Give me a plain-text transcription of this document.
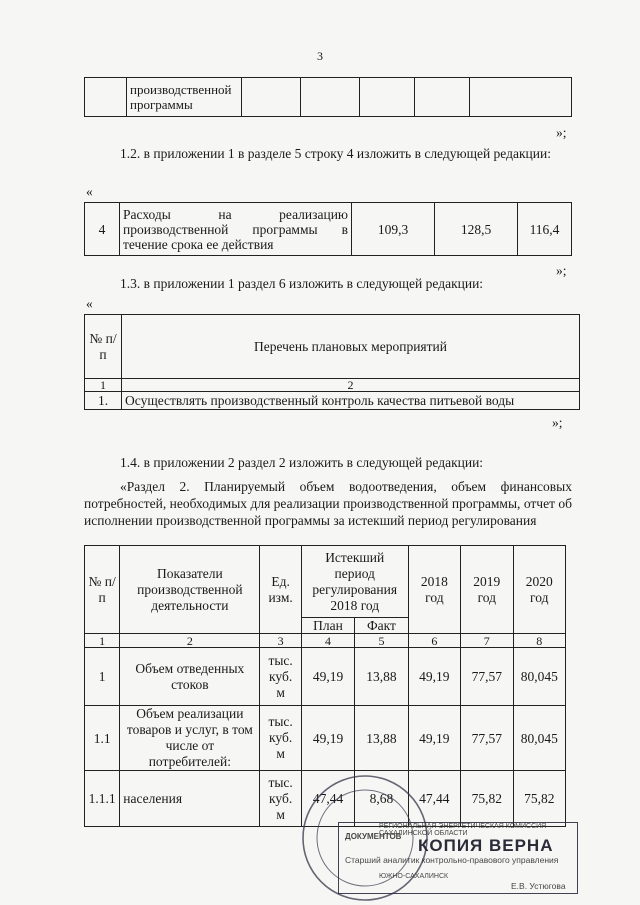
3
	производственной программы					
»;
1.2. в приложении 1 в разделе 5 строку 4 изложить в следующей редакции:
«
4	Расходы на реализацию производственной программы в течение срока ее действия	109,3	128,5	116,4
»;
1.3. в приложении 1 раздел 6 изложить в следующей редакции:
«
№ п/п	Перечень плановых мероприятий
1	2
1.	Осуществлять производственный контроль качества питьевой воды
»;
1.4. в приложении 2 раздел 2 изложить в следующей редакции:
«Раздел 2. Планируемый объем водоотведения, объем финансовых потребностей, необходимых для реализации производственной программы, отчет об исполнении производственной программы за истекший период регулирования
№ п/п	Показатели производственной деятельности	Ед. изм.	Истекший период регулирования 2018 год		2018 год	2019 год	2020 год
			План	Факт			
1	2	3	4	5	6	7	8
1	Объем отведенных стоков	тыс. куб. м	49,19	13,88	49,19	77,57	80,045
1.1	Объем реализации товаров и услуг, в том числе от потребителей:	тыс. куб. м	49,19	13,88	49,19	77,57	80,045
1.1.1	населения	тыс. куб. м	47,44	8,68	47,44	75,82	75,82
РЕГИОНАЛЬНАЯ ЭНЕРГЕТИЧЕСКАЯ КОМИССИЯ САХАЛИНСКОЙ ОБЛАСТИ
ДОКУМЕНТОВ
Старший аналитик контрольно-правового управления
ЮЖНО-САХАЛИНСК
Е.В. Устюгова
КОПИЯ ВЕРНА
